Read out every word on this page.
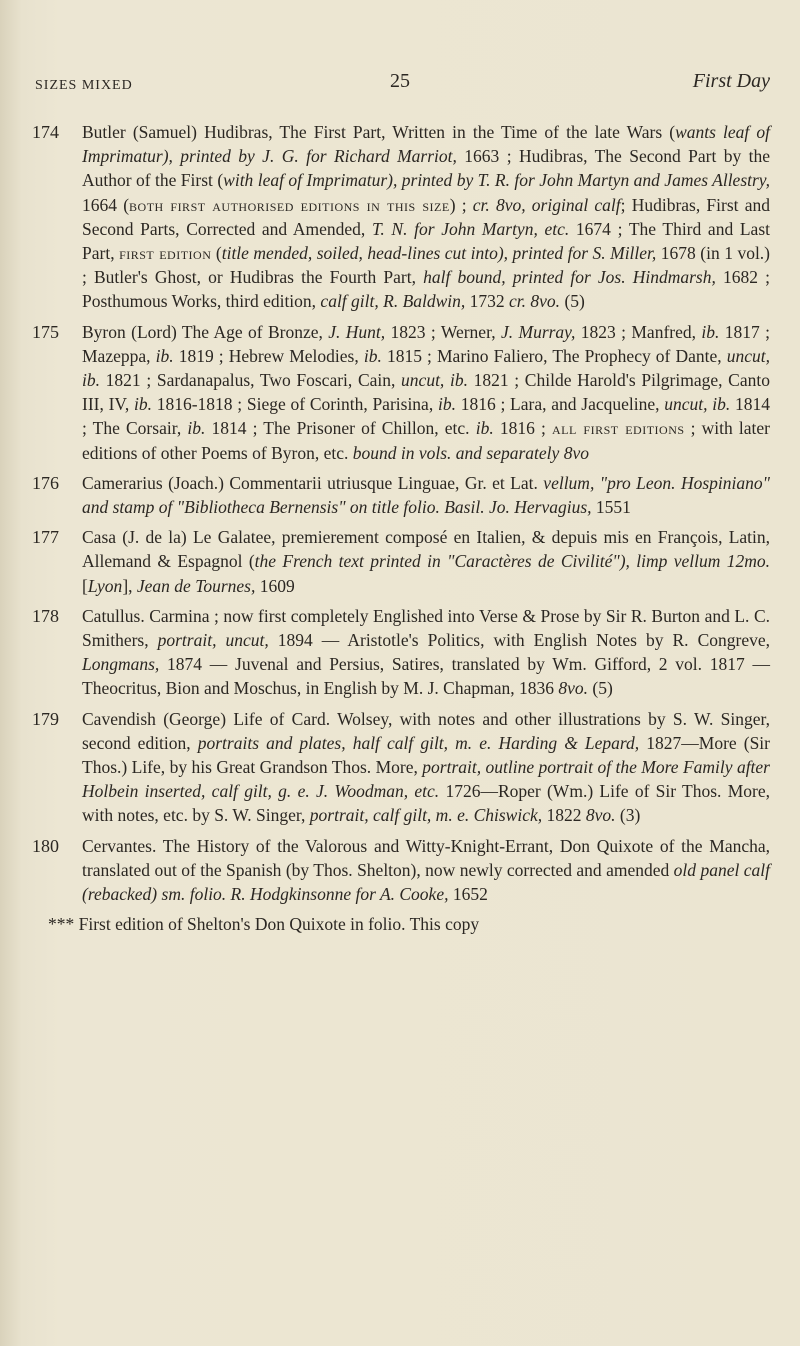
SIZES MIXED	25	First Day
174	Butler (Samuel) Hudibras, The First Part, Written in the Time of the late Wars (wants leaf of Imprimatur), printed by J. G. for Richard Marriot, 1663 ; Hudibras, The Second Part by the Author of the First (with leaf of Imprimatur), printed by T. R. for John Martyn and James Allestry, 1664 (both first authorised editions in this size) ; cr. 8vo, original calf; Hudibras, First and Second Parts, Corrected and Amended, T. N. for John Martyn, etc. 1674 ; The Third and Last Part, first edition (title mended, soiled, head-lines cut into), printed for S. Miller, 1678 (in 1 vol.) ; Butler's Ghost, or Hudibras the Fourth Part, half bound, printed for Jos. Hindmarsh, 1682 ; Posthumous Works, third edition, calf gilt, R. Baldwin, 1732 cr. 8vo. (5)
175	Byron (Lord) The Age of Bronze, J. Hunt, 1823 ; Werner, J. Murray, 1823 ; Manfred, ib. 1817 ; Mazeppa, ib. 1819 ; Hebrew Melodies, ib. 1815 ; Marino Faliero, The Prophecy of Dante, uncut, ib. 1821 ; Sardanapalus, Two Foscari, Cain, uncut, ib. 1821 ; Childe Harold's Pilgrimage, Canto III, IV, ib. 1816-1818 ; Siege of Corinth, Parisina, ib. 1816 ; Lara, and Jacqueline, uncut, ib. 1814 ; The Corsair, ib. 1814 ; The Prisoner of Chillon, etc. ib. 1816 ; all first editions ; with later editions of other Poems of Byron, etc. bound in vols. and separately 8vo
176	Camerarius (Joach.) Commentarii utriusque Linguae, Gr. et Lat. vellum, "pro Leon. Hospiniano" and stamp of "Bibliotheca Bernensis" on title folio. Basil. Jo. Hervagius, 1551
177	Casa (J. de la) Le Galatee, premierement composé en Italien, & depuis mis en François, Latin, Allemand & Espagnol (the French text printed in "Caractères de Civilité"), limp vellum 12mo. [Lyon], Jean de Tournes, 1609
178	Catullus. Carmina ; now first completely Englished into Verse & Prose by Sir R. Burton and L. C. Smithers, portrait, uncut, 1894 — Aristotle's Politics, with English Notes by R. Congreve, Longmans, 1874 — Juvenal and Persius, Satires, translated by Wm. Gifford, 2 vol. 1817 — Theocritus, Bion and Moschus, in English by M. J. Chapman, 1836 8vo. (5)
179	Cavendish (George) Life of Card. Wolsey, with notes and other illustrations by S. W. Singer, second edition, portraits and plates, half calf gilt, m. e. Harding & Lepard, 1827—More (Sir Thos.) Life, by his Great Grandson Thos. More, portrait, outline portrait of the More Family after Holbein inserted, calf gilt, g. e. J. Woodman, etc. 1726—Roper (Wm.) Life of Sir Thos. More, with notes, etc. by S. W. Singer, portrait, calf gilt, m. e. Chiswick, 1822 8vo. (3)
180	Cervantes. The History of the Valorous and Witty-Knight-Errant, Don Quixote of the Mancha, translated out of the Spanish (by Thos. Shelton), now newly corrected and amended old panel calf (rebacked) sm. folio. R. Hodgkinsonne for A. Cooke, 1652
*** First edition of Shelton's Don Quixote in folio. This copy
